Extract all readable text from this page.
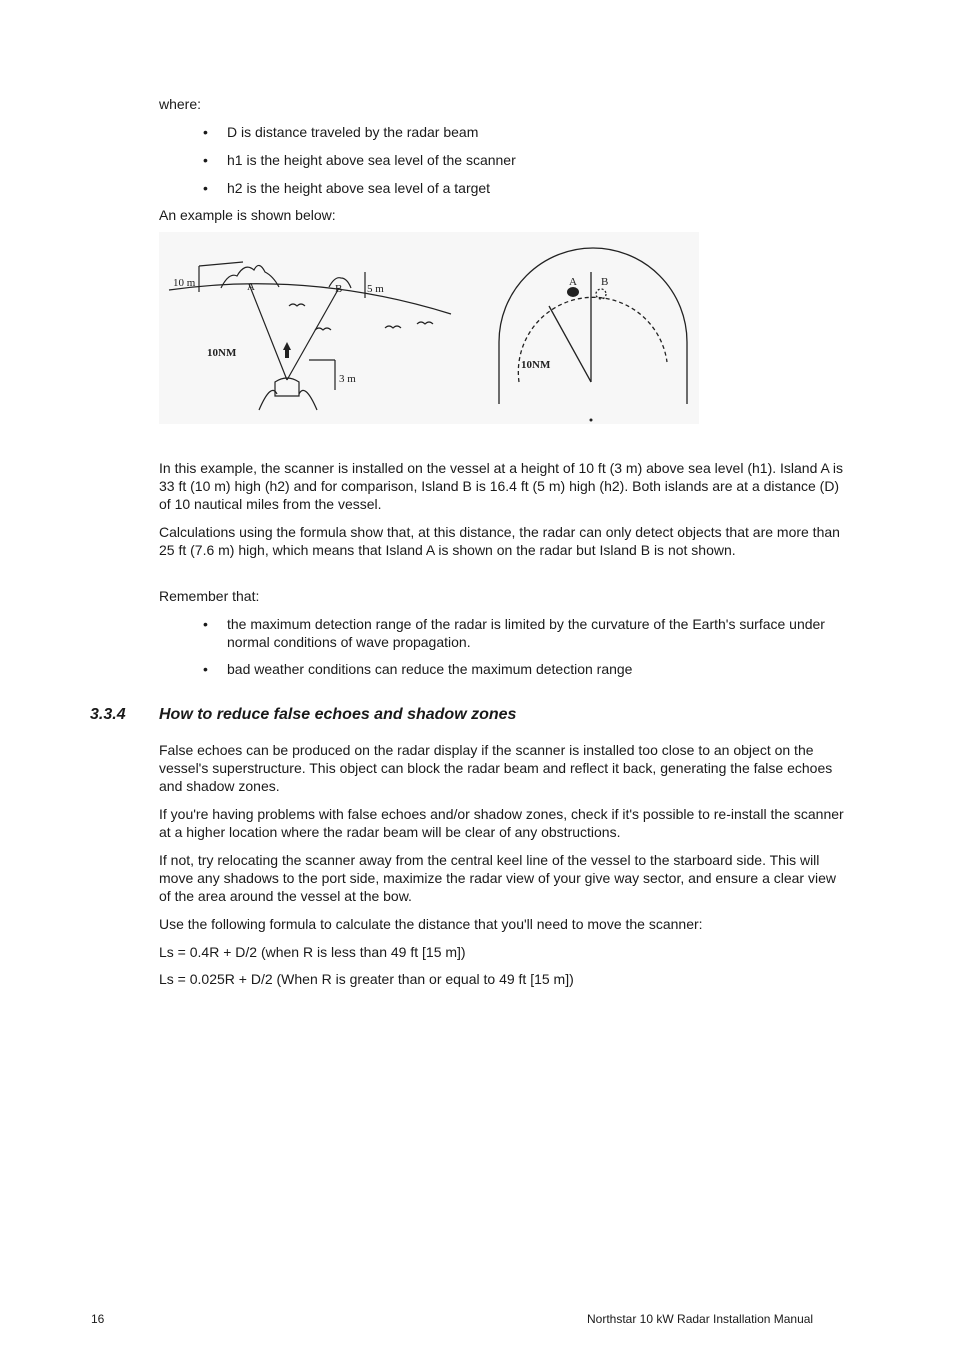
where:
•	D is distance traveled by the radar beam
•	h1 is the height above sea level of the scanner
•	h2 is the height above sea level of a target
An example is shown below:
10 m	A	B 5 m
10NM
3 m
A B
10NM
In this example, the scanner is installed on the vessel at a height of 10 ft (3 m) above sea level (h1). Island A is 33 ft (10 m) high (h2) and for comparison, Island B is 16.4 ft (5 m) high (h2). Both islands are at a distance (D) of 10 nautical miles from the vessel.
Calculations using the formula show that, at this distance, the radar can only detect objects that are more than 25 ft (7.6 m) high, which means that Island A is shown on the radar but Island B is not shown.
Remember that:
•	the maximum detection range of the radar is limited by the curvature of the Earth's surface under normal conditions of wave propagation.
•	bad weather conditions can reduce the maximum detection range
3.3.4	How to reduce false echoes and shadow zones
False echoes can be produced on the radar display if the scanner is installed too close to an object on the vessel's superstructure. This object can block the radar beam and reflect it back, generating the false echoes and shadow zones.
If you're having problems with false echoes and/or shadow zones, check if it's possible to re-install the scanner at a higher location where the radar beam will be clear of any obstructions.
If not, try relocating the scanner away from the central keel line of the vessel to the starboard side. This will move any shadows to the port side, maximize the radar view of your give way sector, and ensure a clear view of the area around the vessel at the bow.
Use the following formula to calculate the distance that you'll need to move the scanner:
Ls = 0.4R + D/2 (when R is less than 49 ft [15 m])
Ls = 0.025R + D/2 (When R is greater than or equal to 49 ft [15 m])
16	Northstar 10 kW Radar Installation Manual
